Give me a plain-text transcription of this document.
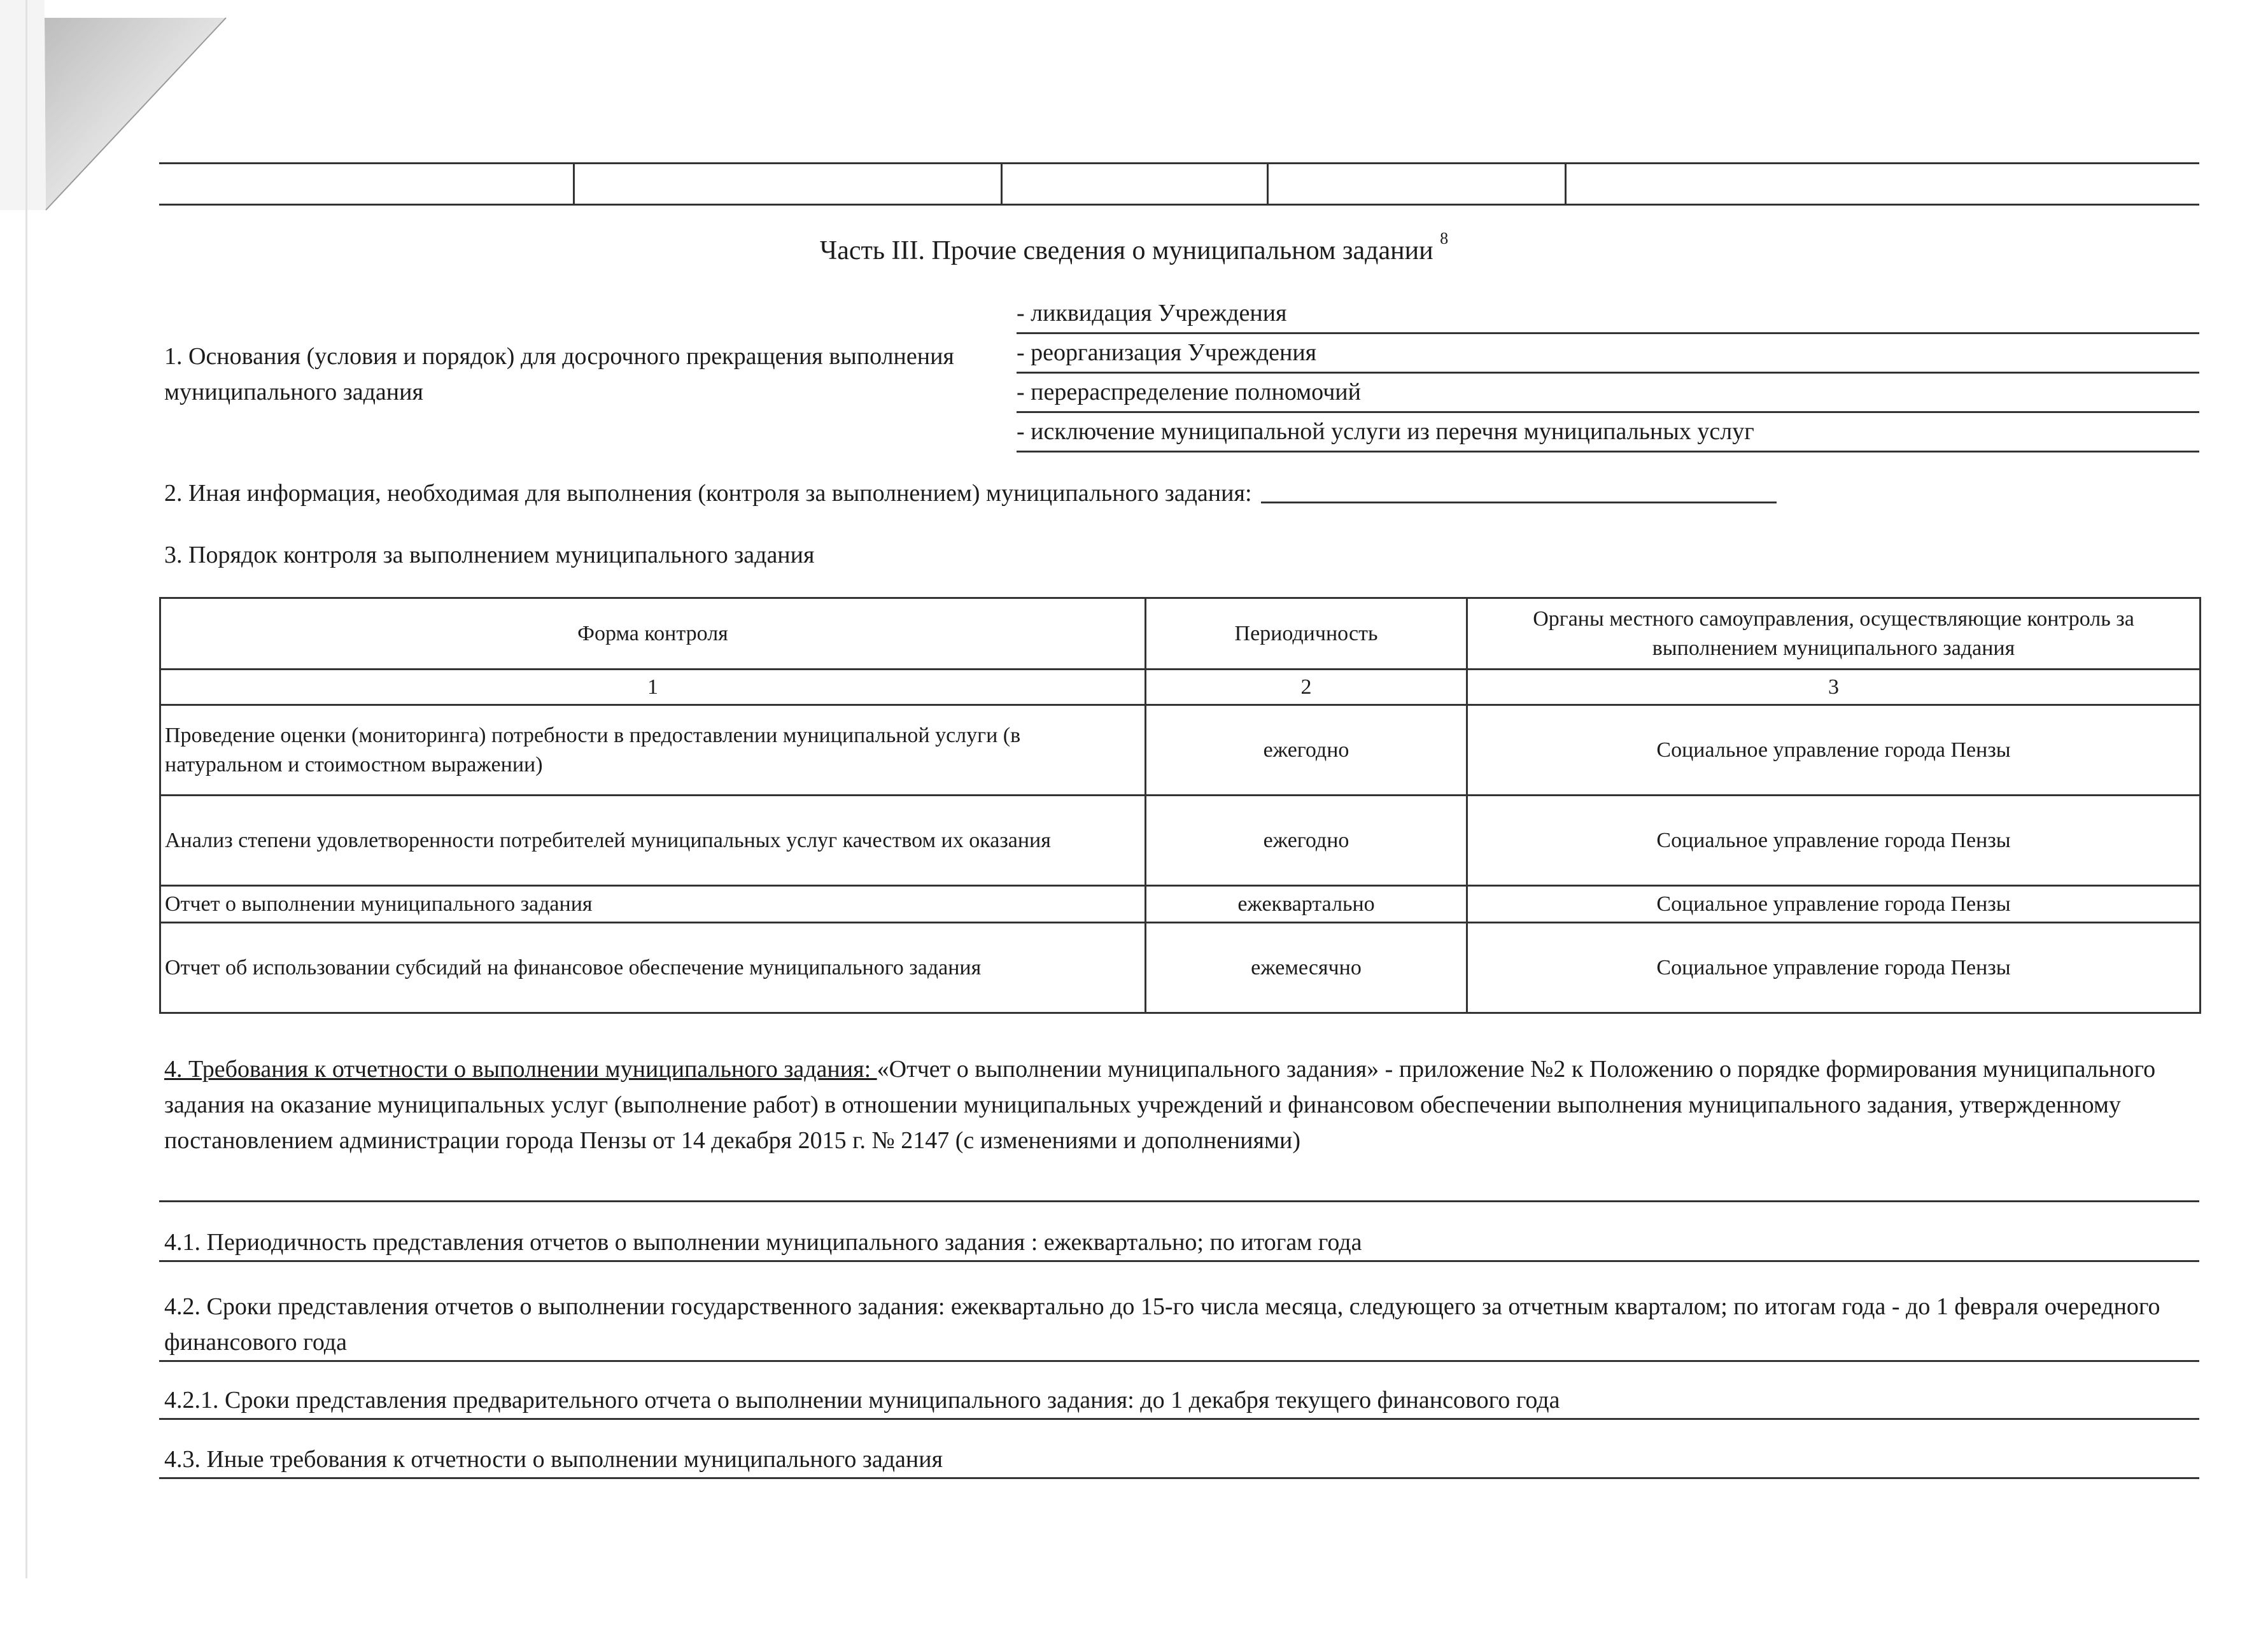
Часть III. Прочие сведения о муниципальном задании $^8$
1. Основания (условия и порядок) для досрочного прекращения выполнения муниципального задания
- ликвидация Учреждения
- реорганизация Учреждения
- перераспределение полномочий
- исключение муниципальной услуги из перечня муниципальных услуг
2. Иная информация, необходимая для выполнения (контроля за выполнением) муниципального задания:
3. Порядок контроля за выполнением муниципального задания
Форма контроля	Периодичность	Органы местного самоуправления, осуществляющие контроль за выполнением муниципального задания
1	2	3
Проведение оценки (мониторинга) потребности в предоставлении муниципальной услуги (в натуральном и стоимостном выражении)	ежегодно	Социальное управление города Пензы
Анализ степени удовлетворенности потребителей муниципальных услуг качеством их оказания	ежегодно	Социальное управление города Пензы
Отчет о выполнении муниципального задания	ежеквартально	Социальное управление города Пензы
Отчет об использовании субсидий на финансовое обеспечение муниципального задания	ежемесячно	Социальное управление города Пензы
4. Требования к отчетности о выполнении муниципального задания: «Отчет о выполнении муниципального задания» - приложение №2 к Положению о порядке формирования муниципального задания на оказание муниципальных услуг (выполнение работ) в отношении муниципальных учреждений и финансовом обеспечении выполнения муниципального задания, утвержденному постановлением администрации города Пензы от 14 декабря 2015 г. № 2147 (с изменениями и дополнениями)
4.1. Периодичность представления отчетов о выполнении муниципального задания : ежеквартально; по итогам года
4.2. Сроки представления отчетов о выполнении государственного задания: ежеквартально до 15-го числа месяца, следующего за отчетным кварталом; по итогам года - до 1 февраля очередного финансового года
4.2.1. Сроки представления предварительного отчета о выполнении муниципального задания: до 1 декабря текущего финансового года
4.3. Иные требования к отчетности о выполнении муниципального задания
